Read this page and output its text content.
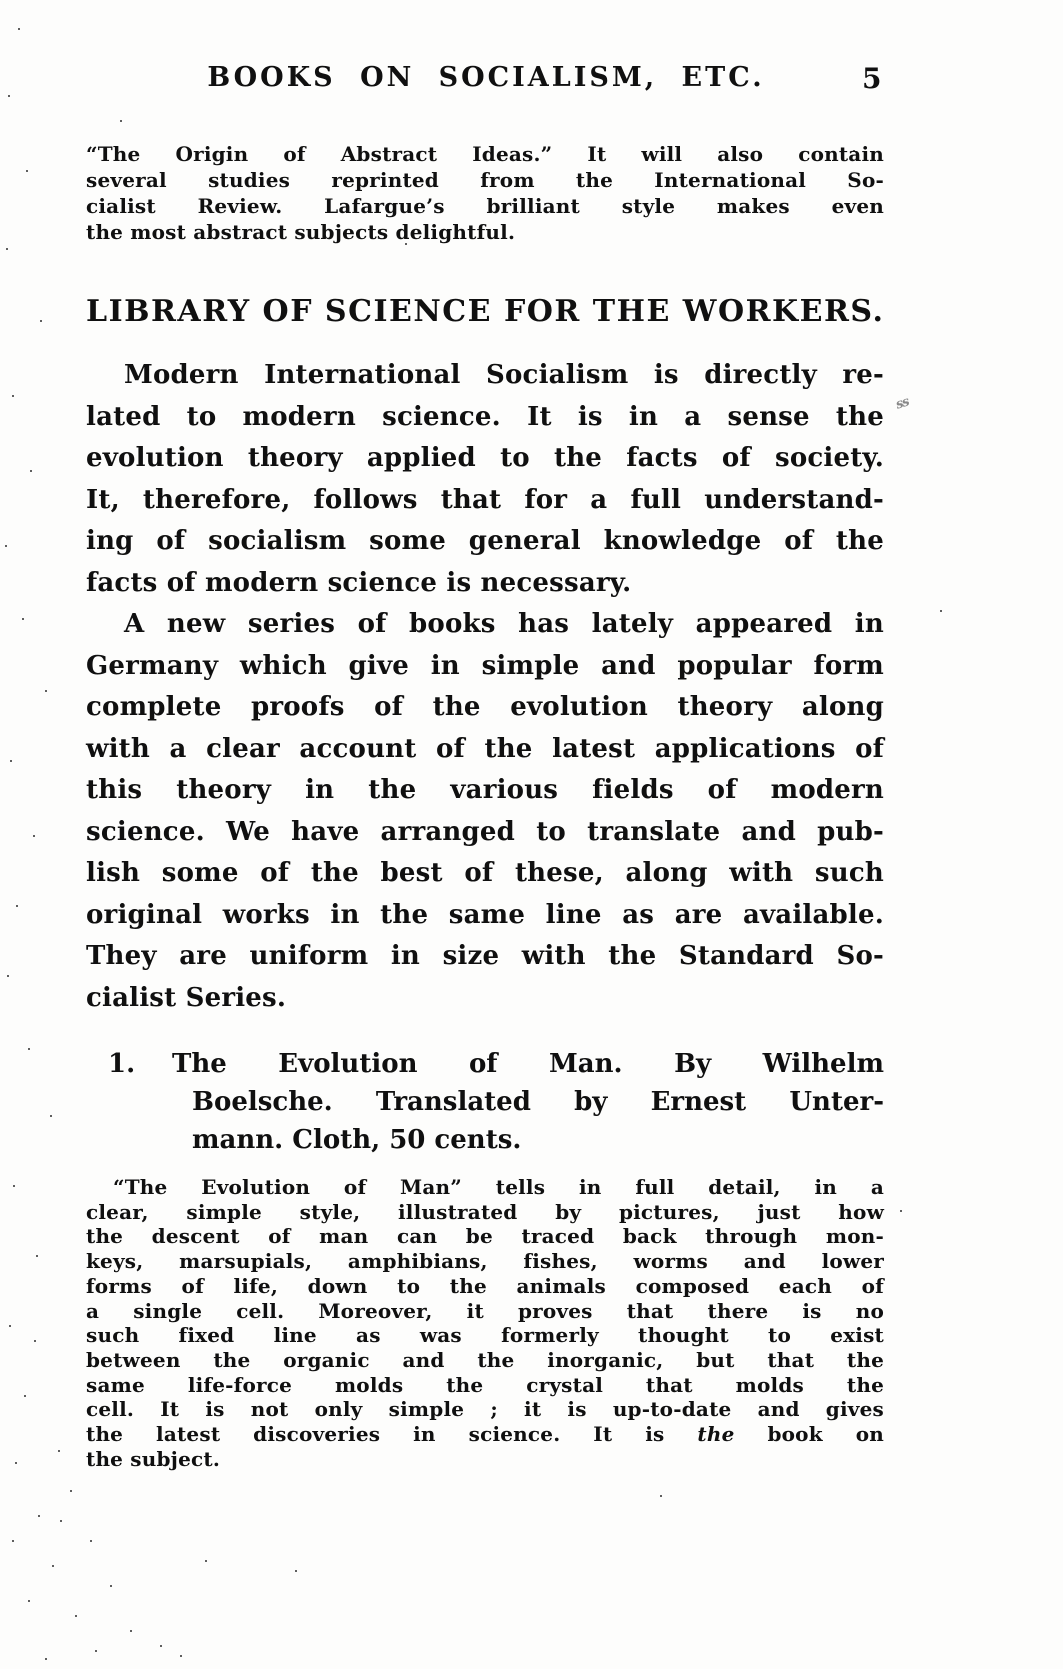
BOOKS ON SOCIALISM, ETC.	5
“The Origin of Abstract Ideas.” It will also contain
several studies reprinted from the International So-
cialist Review. Lafargue’s brilliant style makes even
the most abstract subjects delightful.
LIBRARY OF SCIENCE FOR THE WORKERS.
Modern International Socialism is directly re-
lated to modern science. It is in a sense the
evolution theory applied to the facts of society.
It, therefore, follows that for a full understand-
ing of socialism some general knowledge of the
facts of modern science is necessary.
A new series of books has lately appeared in
Germany which give in simple and popular form
complete proofs of the evolution theory along
with a clear account of the latest applications of
this theory in the various fields of modern
science. We have arranged to translate and pub-
lish some of the best of these, along with such
original works in the same line as are available.
They are uniform in size with the Standard So-
cialist Series.
1. The Evolution of Man. By Wilhelm
Boelsche. Translated by Ernest Unter-
mann. Cloth, 50 cents.
“The Evolution of Man” tells in full detail, in a
clear, simple style, illustrated by pictures, just how
the descent of man can be traced back through mon-
keys, marsupials, amphibians, fishes, worms and lower
forms of life, down to the animals composed each of
a single cell. Moreover, it proves that there is no
such fixed line as was formerly thought to exist
between the organic and the inorganic, but that the
same life-force molds the crystal that molds the
cell. It is not only simple ; it is up-to-date and gives
the latest discoveries in science. It is the book on
the subject.
ss
